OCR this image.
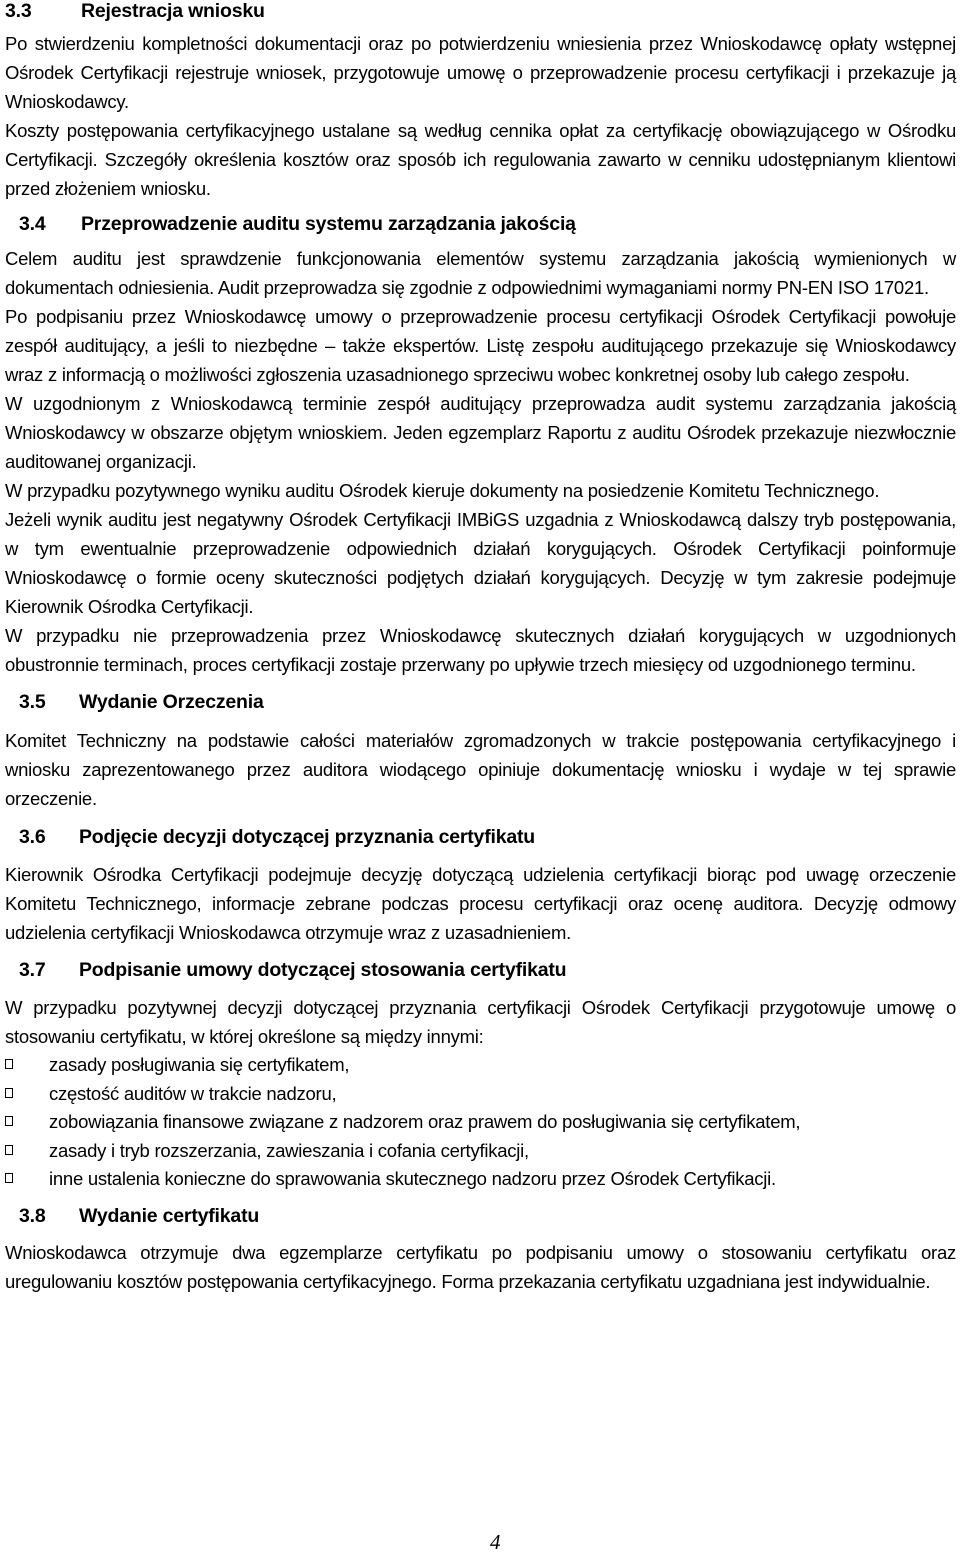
3.3	Rejestracja wniosku

Po stwierdzeniu kompletności dokumentacji oraz po potwierdzeniu wniesienia przez Wnioskodawcę opłaty wstępnej Ośrodek Certyfikacji rejestruje wniosek, przygotowuje umowę o przeprowadzenie procesu certyfikacji i przekazuje ją Wnioskodawcy.

Koszty postępowania certyfikacyjnego ustalane są według cennika opłat za certyfikację obowiązującego w Ośrodku Certyfikacji. Szczegóły określenia kosztów oraz sposób ich regulowania zawarto w cenniku udostępnianym klientowi przed złożeniem wniosku.

3.4	Przeprowadzenie auditu systemu zarządzania jakością

Celem auditu jest sprawdzenie funkcjonowania elementów systemu zarządzania jakością wymienionych w dokumentach odniesienia. Audit przeprowadza się zgodnie z odpowiednimi wymaganiami normy PN-EN ISO 17021.

Po podpisaniu przez Wnioskodawcę umowy o przeprowadzenie procesu certyfikacji Ośrodek Certyfikacji powołuje zespół auditujący, a jeśli to niezbędne – także ekspertów. Listę zespołu auditującego przekazuje się Wnioskodawcy wraz z informacją o możliwości zgłoszenia uzasadnionego sprzeciwu wobec konkretnej osoby lub całego zespołu.

W uzgodnionym z Wnioskodawcą terminie zespół auditujący przeprowadza audit systemu zarządzania jakością Wnioskodawcy w obszarze objętym wnioskiem. Jeden egzemplarz Raportu z auditu Ośrodek przekazuje niezwłocznie auditowanej organizacji.

W przypadku pozytywnego wyniku auditu Ośrodek kieruje dokumenty na posiedzenie Komitetu Technicznego.

Jeżeli wynik auditu jest negatywny Ośrodek Certyfikacji IMBiGS uzgadnia z Wnioskodawcą dalszy tryb postępowania, w tym ewentualnie przeprowadzenie odpowiednich działań korygujących. Ośrodek Certyfikacji poinformuje Wnioskodawcę o formie oceny skuteczności podjętych działań korygujących. Decyzję w tym zakresie podejmuje Kierownik Ośrodka Certyfikacji.

W przypadku nie przeprowadzenia przez Wnioskodawcę skutecznych działań korygujących w uzgodnionych obustronnie terminach, proces certyfikacji zostaje przerwany po upływie trzech miesięcy od uzgodnionego terminu.

3.5	Wydanie Orzeczenia

Komitet Techniczny na podstawie całości materiałów zgromadzonych w trakcie postępowania certyfikacyjnego i wniosku zaprezentowanego przez auditora wiodącego opiniuje dokumentację wniosku i wydaje w tej sprawie orzeczenie.

3.6	Podjęcie decyzji dotyczącej przyznania certyfikatu

Kierownik Ośrodka Certyfikacji podejmuje decyzję dotyczącą udzielenia certyfikacji biorąc pod uwagę orzeczenie Komitetu Technicznego, informacje zebrane podczas procesu certyfikacji oraz ocenę auditora. Decyzję odmowy udzielenia certyfikacji Wnioskodawca otrzymuje wraz z uzasadnieniem.

3.7	Podpisanie umowy dotyczącej stosowania certyfikatu

W przypadku pozytywnej decyzji dotyczącej przyznania certyfikacji Ośrodek Certyfikacji przygotowuje umowę o stosowaniu certyfikatu, w której określone są między innymi:

zasady posługiwania się certyfikatem,
częstość auditów w trakcie nadzoru,
zobowiązania finansowe związane z nadzorem oraz prawem do posługiwania się certyfikatem,
zasady i tryb rozszerzania, zawieszania i cofania certyfikacji,
inne ustalenia konieczne do sprawowania skutecznego nadzoru przez Ośrodek Certyfikacji.
3.8	Wydanie certyfikatu

Wnioskodawca otrzymuje dwa egzemplarze certyfikatu po podpisaniu umowy o stosowaniu certyfikatu oraz uregulowaniu kosztów postępowania certyfikacyjnego. Forma przekazania certyfikatu uzgadniana jest indywidualnie.

4
